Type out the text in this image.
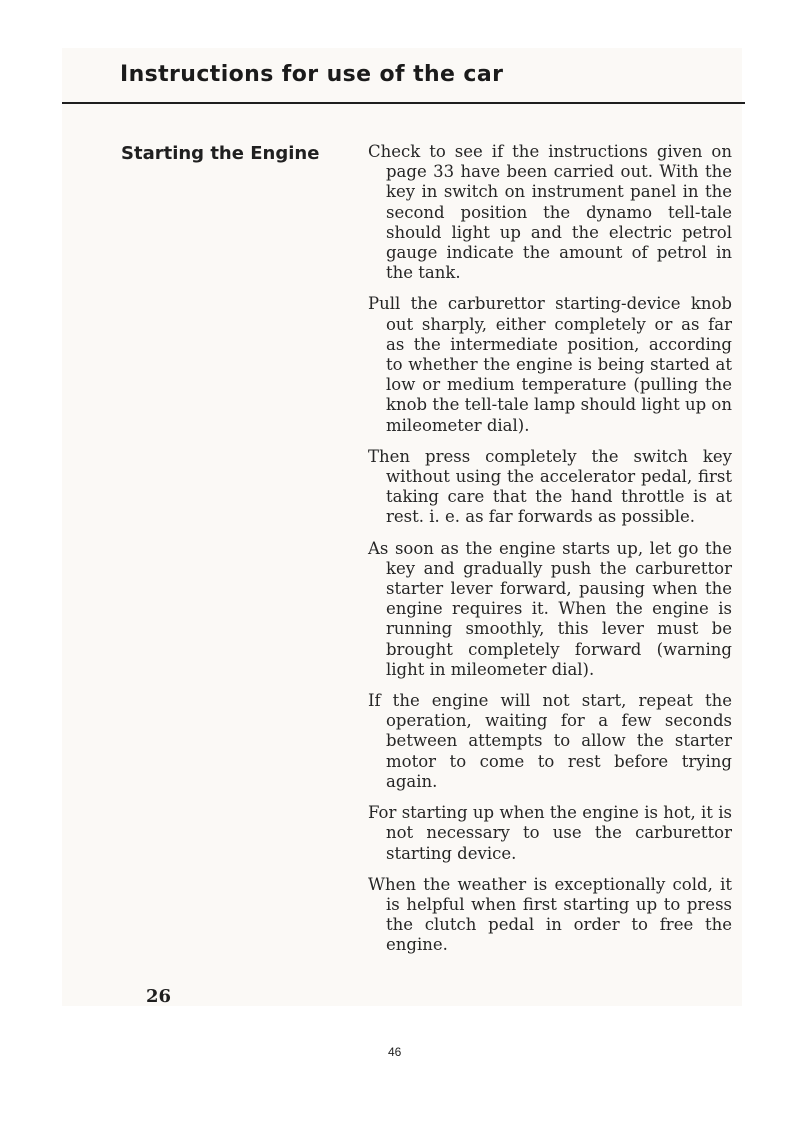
Instructions for use of the car
Starting the Engine	Check to see if the instructions given on page 33 have been carried out. With the key in switch on instrument panel in the second position the dynamo tell-tale should light up and the electric petrol gauge indicate the amount of petrol in the tank.

Pull the carburettor starting-device knob out sharply, either completely or as far as the intermediate position, according to whether the engine is being started at low or medium temperature (pulling the knob the tell-tale lamp should light up on mileometer dial).

Then press completely the switch key without using the accelerator pedal, first taking care that the hand throttle is at rest. i. e. as far forwards as possible.

As soon as the engine starts up, let go the key and gradually push the carburettor starter lever forward, pausing when the engine requires it. When the engine is running smoothly, this lever must be brought completely forward (warning light in mileometer dial).

If the engine will not start, repeat the operation, waiting for a few seconds between attempts to allow the starter motor to come to rest before trying again.

For starting up when the engine is hot, it is not necessary to use the carburettor starting device.

When the weather is exceptionally cold, it is helpful when first starting up to press the clutch pedal in order to free the engine.

26
46
